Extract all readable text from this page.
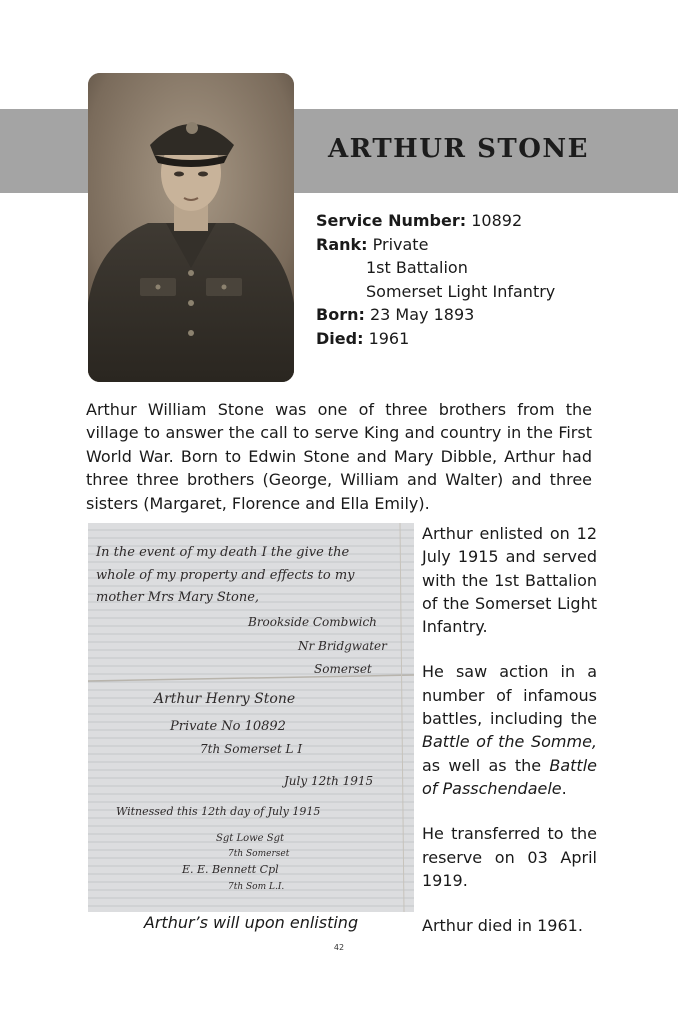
ARTHUR STONE
Service Number: 10892
Rank: Private
1st Battalion
Somerset Light Infantry
Born: 23 May 1893
Died: 1961

Arthur William Stone was one of three brothers from the village to answer the call to serve King and country in the First World War. Born to Edwin Stone and Mary Dibble, Arthur had three three brothers (George, William and Walter) and three sisters (Margaret, Florence and Ella Emily).

In the event of my death I the give the
whole of my property and effects to my
mother Mrs Mary Stone,
Brookside Combwich
Nr Bridgwater
Somerset
Arthur Henry Stone
Private No 10892
7th Somerset L I
July 12th 1915
Witnessed this 12th day of July 1915
Sgt Lowe Sgt
7th Somerset
E. E. Bennett Cpl
7th Som L.I.
Arthur’s will upon enlisting

Arthur enlisted on 12 July 1915 and served with the 1st Battalion of the Somerset Light Infantry.

He saw action in a number of infamous battles, including the Battle of the Somme, as well as the Battle of Passchendaele.

He transferred to the reserve on 03 April 1919.

Arthur died in 1961.

42
